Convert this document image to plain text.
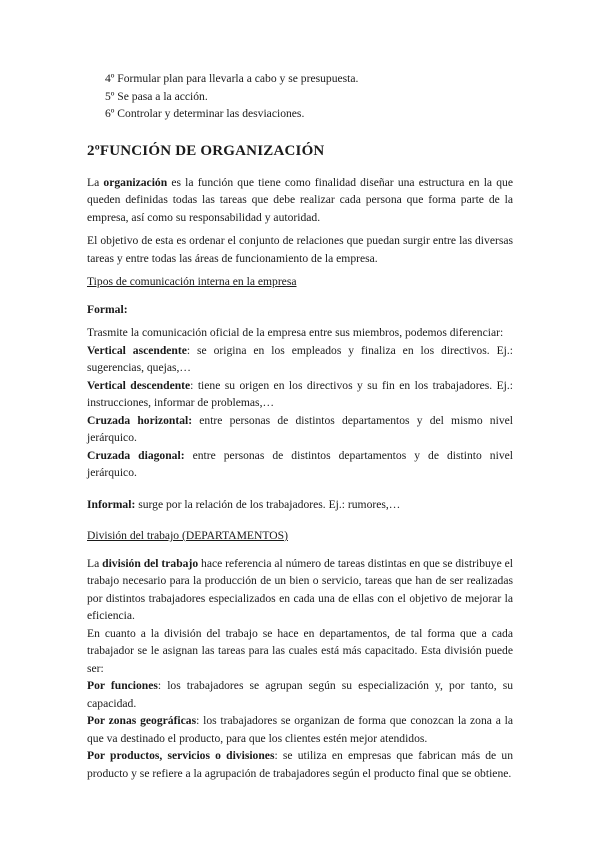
4º Formular plan para llevarla a cabo y se presupuesta.
5º Se pasa a la acción.
6º Controlar y determinar las desviaciones.
2ºFUNCIÓN DE ORGANIZACIÓN

La organización es la función que tiene como finalidad diseñar una estructura en la que queden definidas todas las tareas que debe realizar cada persona que forma parte de la empresa, así como su responsabilidad y autoridad.

El objetivo de esta es ordenar el conjunto de relaciones que puedan surgir entre las diversas tareas y entre todas las áreas de funcionamiento de la empresa.

Tipos de comunicación interna en la empresa

Formal:

Trasmite la comunicación oficial de la empresa entre sus miembros, podemos diferenciar:

Vertical ascendente: se origina en los empleados y finaliza en los directivos. Ej.: sugerencias, quejas,…

Vertical descendente: tiene su origen en los directivos y su fin en los trabajadores. Ej.: instrucciones, informar de problemas,…

Cruzada horizontal: entre personas de distintos departamentos y del mismo nivel jerárquico.

Cruzada diagonal: entre personas de distintos departamentos y de distinto nivel jerárquico.

Informal: surge por la relación de los trabajadores. Ej.: rumores,…

División del trabajo (DEPARTAMENTOS)

La división del trabajo hace referencia al número de tareas distintas en que se distribuye el trabajo necesario para la producción de un bien o servicio, tareas que han de ser realizadas por distintos trabajadores especializados en cada una de ellas con el objetivo de mejorar la eficiencia.

En cuanto a la división del trabajo se hace en departamentos, de tal forma que a cada trabajador se le asignan las tareas para las cuales está más capacitado. Esta división puede ser:

Por funciones: los trabajadores se agrupan según su especialización y, por tanto, su capacidad.

Por zonas geográficas: los trabajadores se organizan de forma que conozcan la zona a la que va destinado el producto, para que los clientes estén mejor atendidos.

Por productos, servicios o divisiones: se utiliza en empresas que fabrican más de un producto y se refiere a la agrupación de trabajadores según el producto final que se obtiene.
